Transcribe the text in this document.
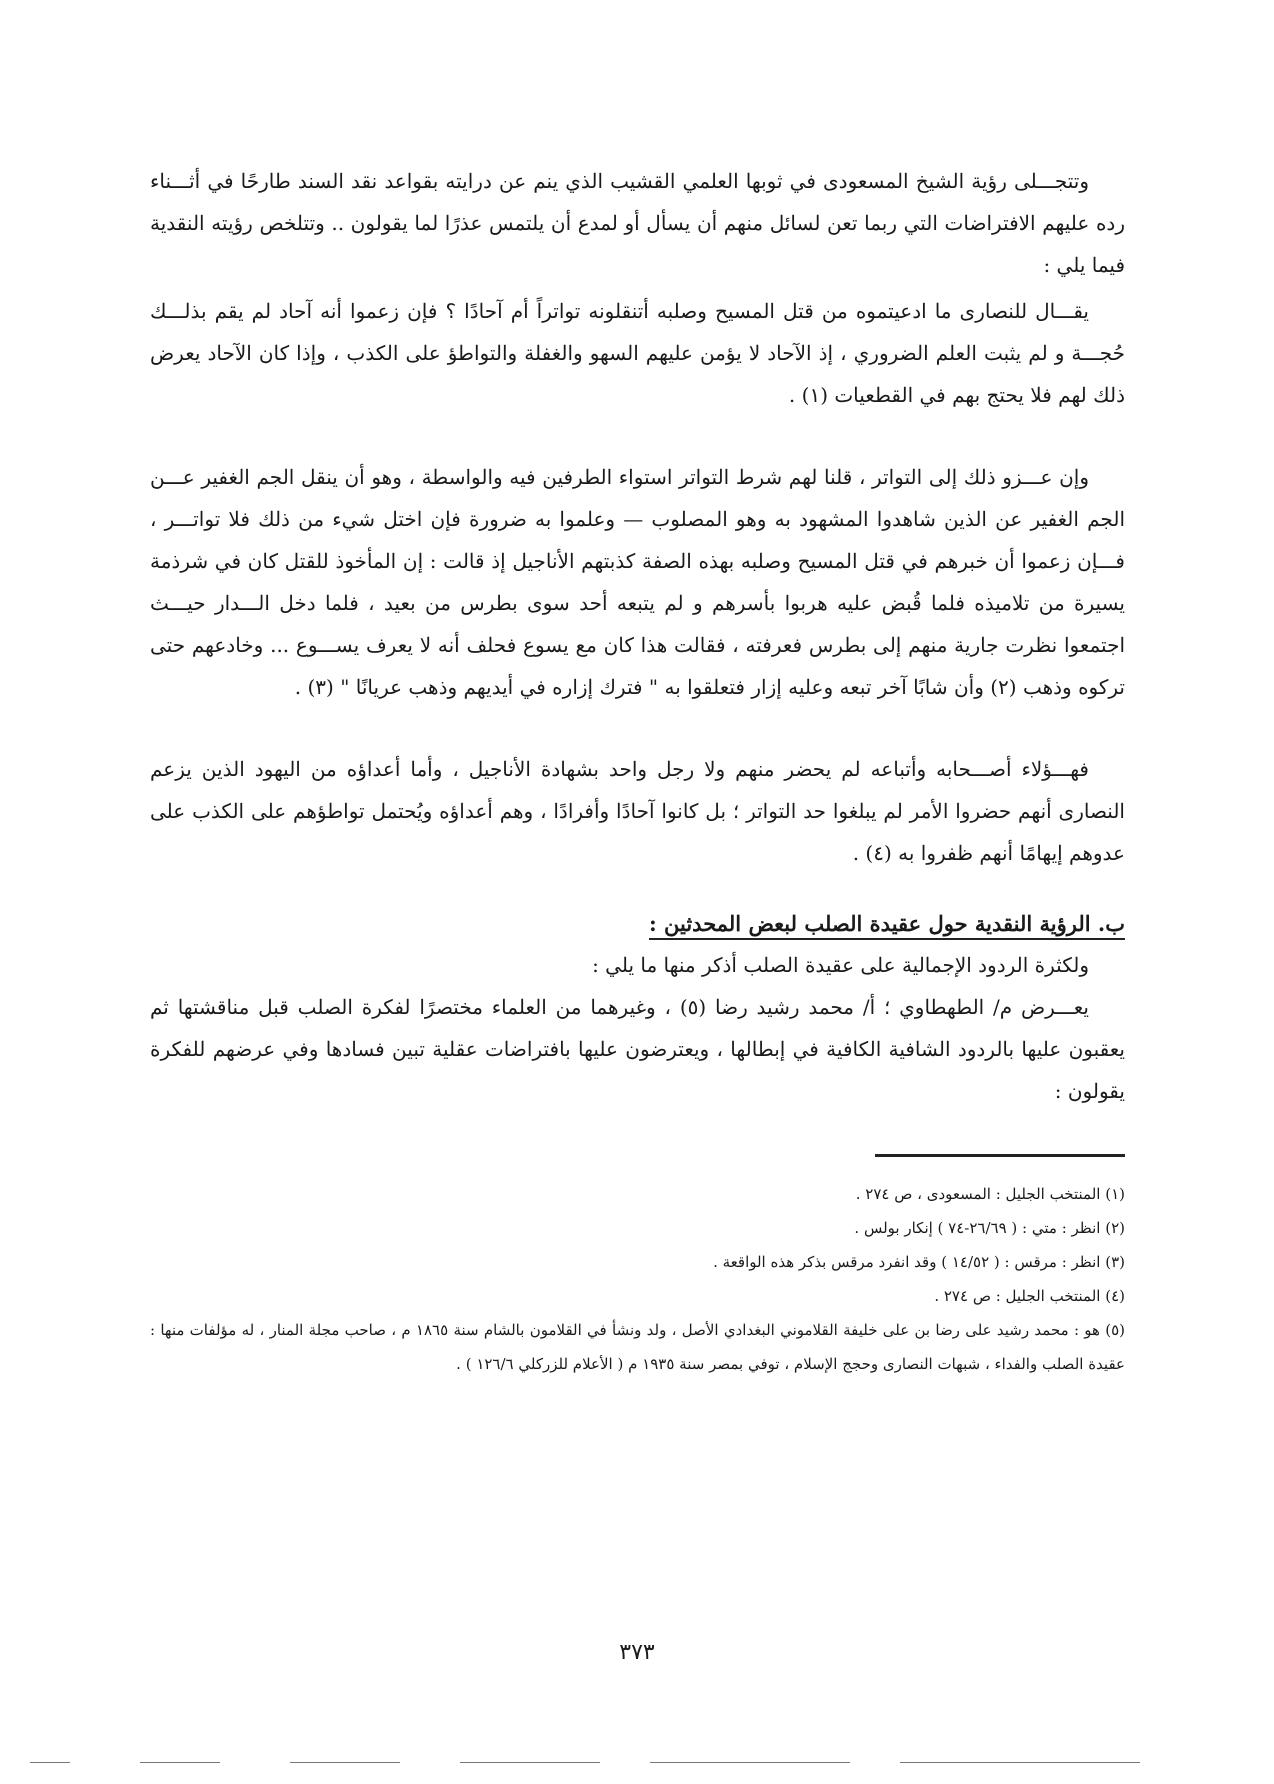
وتتجـــلى رؤية الشيخ المسعودى في ثوبها العلمي القشيب الذي ينم عن درايته بقواعد نقد السند طارحًا في أثـــناء رده عليهم الافتراضات التي ربما تعن لسائل منهم أن يسأل أو لمدع أن يلتمس عذرًا لما يقولون .. وتتلخص رؤيته النقدية فيما يلي :

يقـــال للنصارى ما ادعيتموه من قتل المسيح وصلبه أتنقلونه تواتراً أم آحادًا ؟ فإن زعموا أنه آحاد لم يقم بذلـــك حُجـــة و لم يثبت العلم الضروري ، إذ الآحاد لا يؤمن عليهم السهو والغفلة والتواطؤ على الكذب ، وإذا كان الآحاد يعرض ذلك لهم فلا يحتج بهم في القطعيات (١) .

وإن عـــزو ذلك إلى التواتر ، قلنا لهم شرط التواتر استواء الطرفين فيه والواسطة ، وهو أن ينقل الجم الغفير عـــن الجم الغفير عن الذين شاهدوا المشهود به وهو المصلوب — وعلموا به ضرورة فإن اختل شيء من ذلك فلا تواتـــر ، فـــإن زعموا أن خبرهم في قتل المسيح وصلبه بهذه الصفة كذبتهم الأناجيل إذ قالت : إن المأخوذ للقتل كان في شرذمة يسيرة من تلاميذه فلما قُبض عليه هربوا بأسرهم و لم يتبعه أحد سوى بطرس من بعيد ، فلما دخل الـــدار حيـــث اجتمعوا نظرت جارية منهم إلى بطرس فعرفته ، فقالت هذا كان مع يسوع فحلف أنه لا يعرف يســـوع ... وخادعهم حتى تركوه وذهب (٢) وأن شابًا آخر تبعه وعليه إزار فتعلقوا به " فترك إزاره في أيديهم وذهب عريانًا " (٣) .

فهـــؤلاء أصـــحابه وأتباعه لم يحضر منهم ولا رجل واحد بشهادة الأناجيل ، وأما أعداؤه من اليهود الذين يزعم النصارى أنهم حضروا الأمر لم يبلغوا حد التواتر ؛ بل كانوا آحادًا وأفرادًا ، وهم أعداؤه ويُحتمل تواطؤهم على الكذب على عدوهم إيهامًا أنهم ظفروا به (٤) .

ب. الرؤية النقدية حول عقيدة الصلب لبعض المحدثين :

ولكثرة الردود الإجمالية على عقيدة الصلب أذكر منها ما يلي :

يعـــرض م/ الطهطاوي ؛ أ/ محمد رشيد رضا (٥) ، وغيرهما من العلماء مختصرًا لفكرة الصلب قبل مناقشتها ثم يعقبون عليها بالردود الشافية الكافية في إبطالها ، ويعترضون عليها بافتراضات عقلية تبين فسادها وفي عرضهم للفكرة يقولون :

(١) المنتخب الجليل : المسعودى ، ص ٢٧٤ .

(٢) انظر : متي : ( ٢٦/٦٩-٧٤ ) إنكار بولس .

(٣) انظر : مرقس : ( ١٤/٥٢ ) وقد انفرد مرقس بذكر هذه الواقعة .

(٤) المنتخب الجليل : ص ٢٧٤ .

(٥) هو : محمد رشيد على رضا بن على خليفة القلاموني البغدادي الأصل ، ولد ونشأ في القلامون بالشام سنة ١٨٦٥ م ، صاحب مجلة المنار ، له مؤلفات منها : عقيدة الصلب والفداء ، شبهات النصارى وحجج الإسلام ، توفي بمصر سنة ١٩٣٥ م ( الأعلام للزركلي ١٢٦/٦ ) .

٣٧٣
